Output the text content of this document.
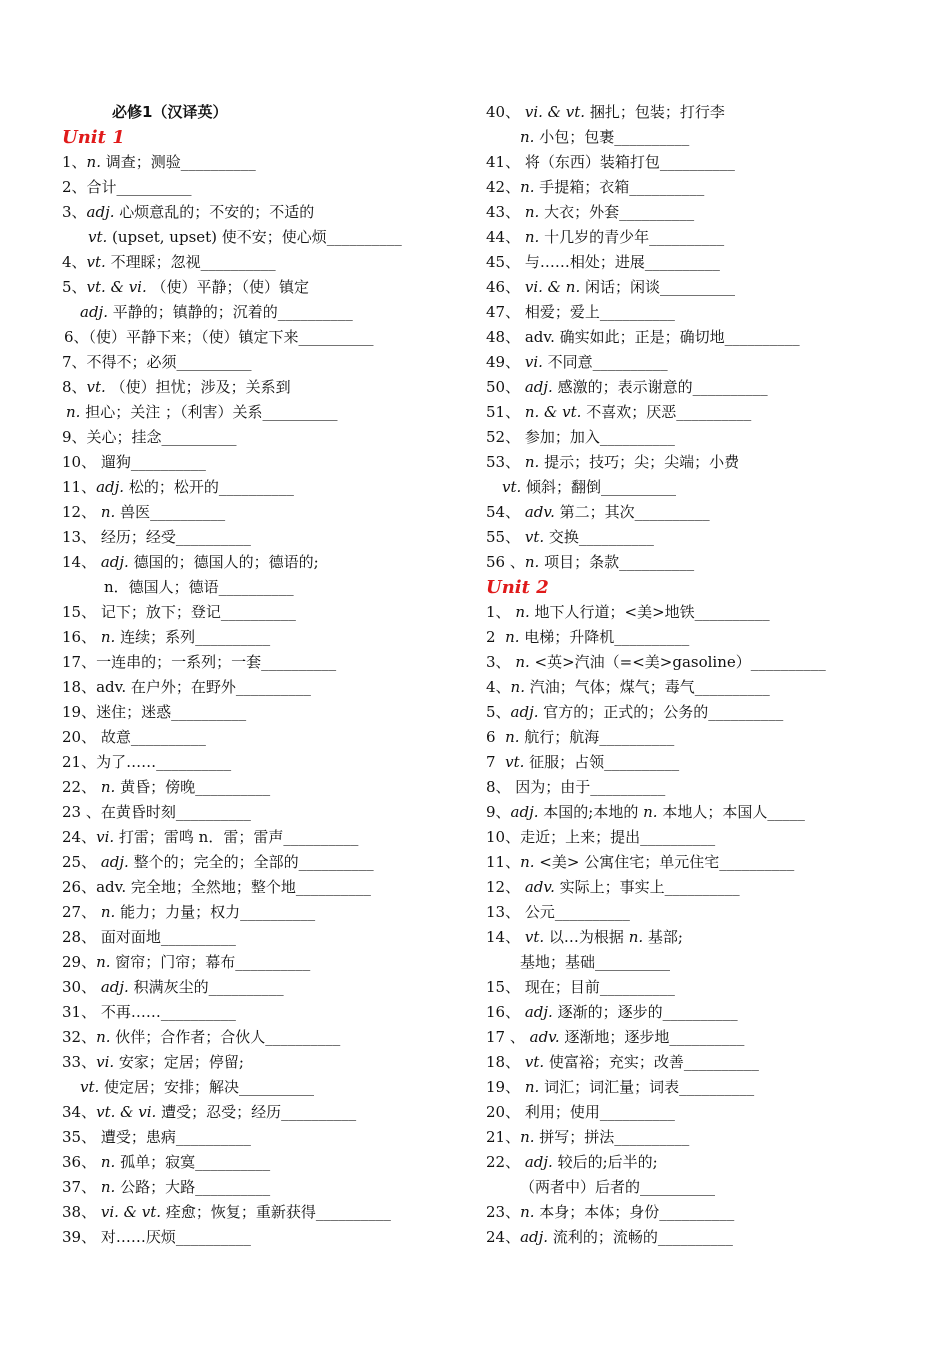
必修1（汉译英）
Unit 1
1、n. 调查；测验__________
2、合计__________
3、adj. 心烦意乱的；不安的；不适的
vt. (upset, upset) 使不安；使心烦__________
4、vt. 不理睬；忽视__________
5、vt. & vi. （使）平静；（使）镇定
adj. 平静的；镇静的；沉着的__________
6、（使）平静下来；（使）镇定下来__________
7、不得不；必须__________
8、vt. （使）担忧；涉及；关系到
n. 担心；关注 ；（利害）关系__________
9、关心；挂念__________
10、 遛狗__________
11、adj. 松的；松开的__________
12、 n. 兽医__________
13、 经历；经受__________
14、 adj. 德国的；德国人的；德语的;
n．德国人；德语__________
15、 记下；放下；登记__________
16、 n. 连续；系列__________
17、一连串的；一系列；一套__________
18、adv. 在户外；在野外__________
19、迷住；迷惑__________
20、 故意__________
21、为了……__________
22、 n. 黄昏；傍晚__________
23 、在黄昏时刻__________
24、vi. 打雷；雷鸣 n．雷；雷声__________
25、 adj. 整个的；完全的；全部的__________
26、adv. 完全地；全然地；整个地__________
27、 n. 能力；力量；权力__________
28、 面对面地__________
29、n. 窗帘；门帘；幕布__________
30、 adj. 积满灰尘的__________
31、 不再……__________
32、n. 伙伴；合作者；合伙人__________
33、vi. 安家；定居；停留;
vt. 使定居；安排；解决__________
34、vt. & vi. 遭受；忍受；经历__________
35、 遭受；患病__________
36、 n. 孤单；寂寞__________
37、 n. 公路；大路__________
38、 vi. & vt. 痊愈；恢复；重新获得__________
39、 对……厌烦__________
40、 vi. & vt. 捆扎；包装；打行李
n. 小包；包裹__________
41、 将（东西）装箱打包__________
42、n. 手提箱；衣箱__________
43、 n. 大衣；外套__________
44、 n. 十几岁的青少年__________
45、 与……相处；进展__________
46、 vi. & n. 闲话；闲谈__________
47、 相爱；爱上__________
48、 adv. 确实如此；正是；确切地__________
49、 vi. 不同意__________
50、 adj. 感激的；表示谢意的__________
51、 n. & vt. 不喜欢；厌恶__________
52、 参加；加入__________
53、 n. 提示；技巧；尖；尖端；小费
vt. 倾斜；翻倒__________
54、 adv. 第二；其次__________
55、 vt. 交换__________
56 、n. 项目；条款__________
Unit 2
1、 n. 地下人行道；<美>地铁__________
2  n. 电梯；升降机__________
3、 n. <英>汽油（=<美>gasoline）__________
4、n. 汽油；气体；煤气；毒气__________
5、adj. 官方的；正式的；公务的__________
6  n. 航行；航海__________
7  vt. 征服；占领__________
8、 因为；由于__________
9、adj. 本国的;本地的 n. 本地人；本国人_____
10、走近；上来；提出__________
11、n. <美> 公寓住宅；单元住宅__________
12、 adv. 实际上；事实上__________
13、 公元__________
14、 vt. 以…为根据 n. 基部;
基地；基础__________
15、 现在；目前__________
16、 adj. 逐渐的；逐步的__________
17 、 adv. 逐渐地；逐步地__________
18、 vt. 使富裕；充实；改善__________
19、 n. 词汇；词汇量；词表__________
20、 利用；使用__________
21、n. 拼写；拼法__________
22、 adj. 较后的;后半的;
（两者中）后者的__________
23、n. 本身；本体；身份__________
24、adj. 流利的；流畅的__________
